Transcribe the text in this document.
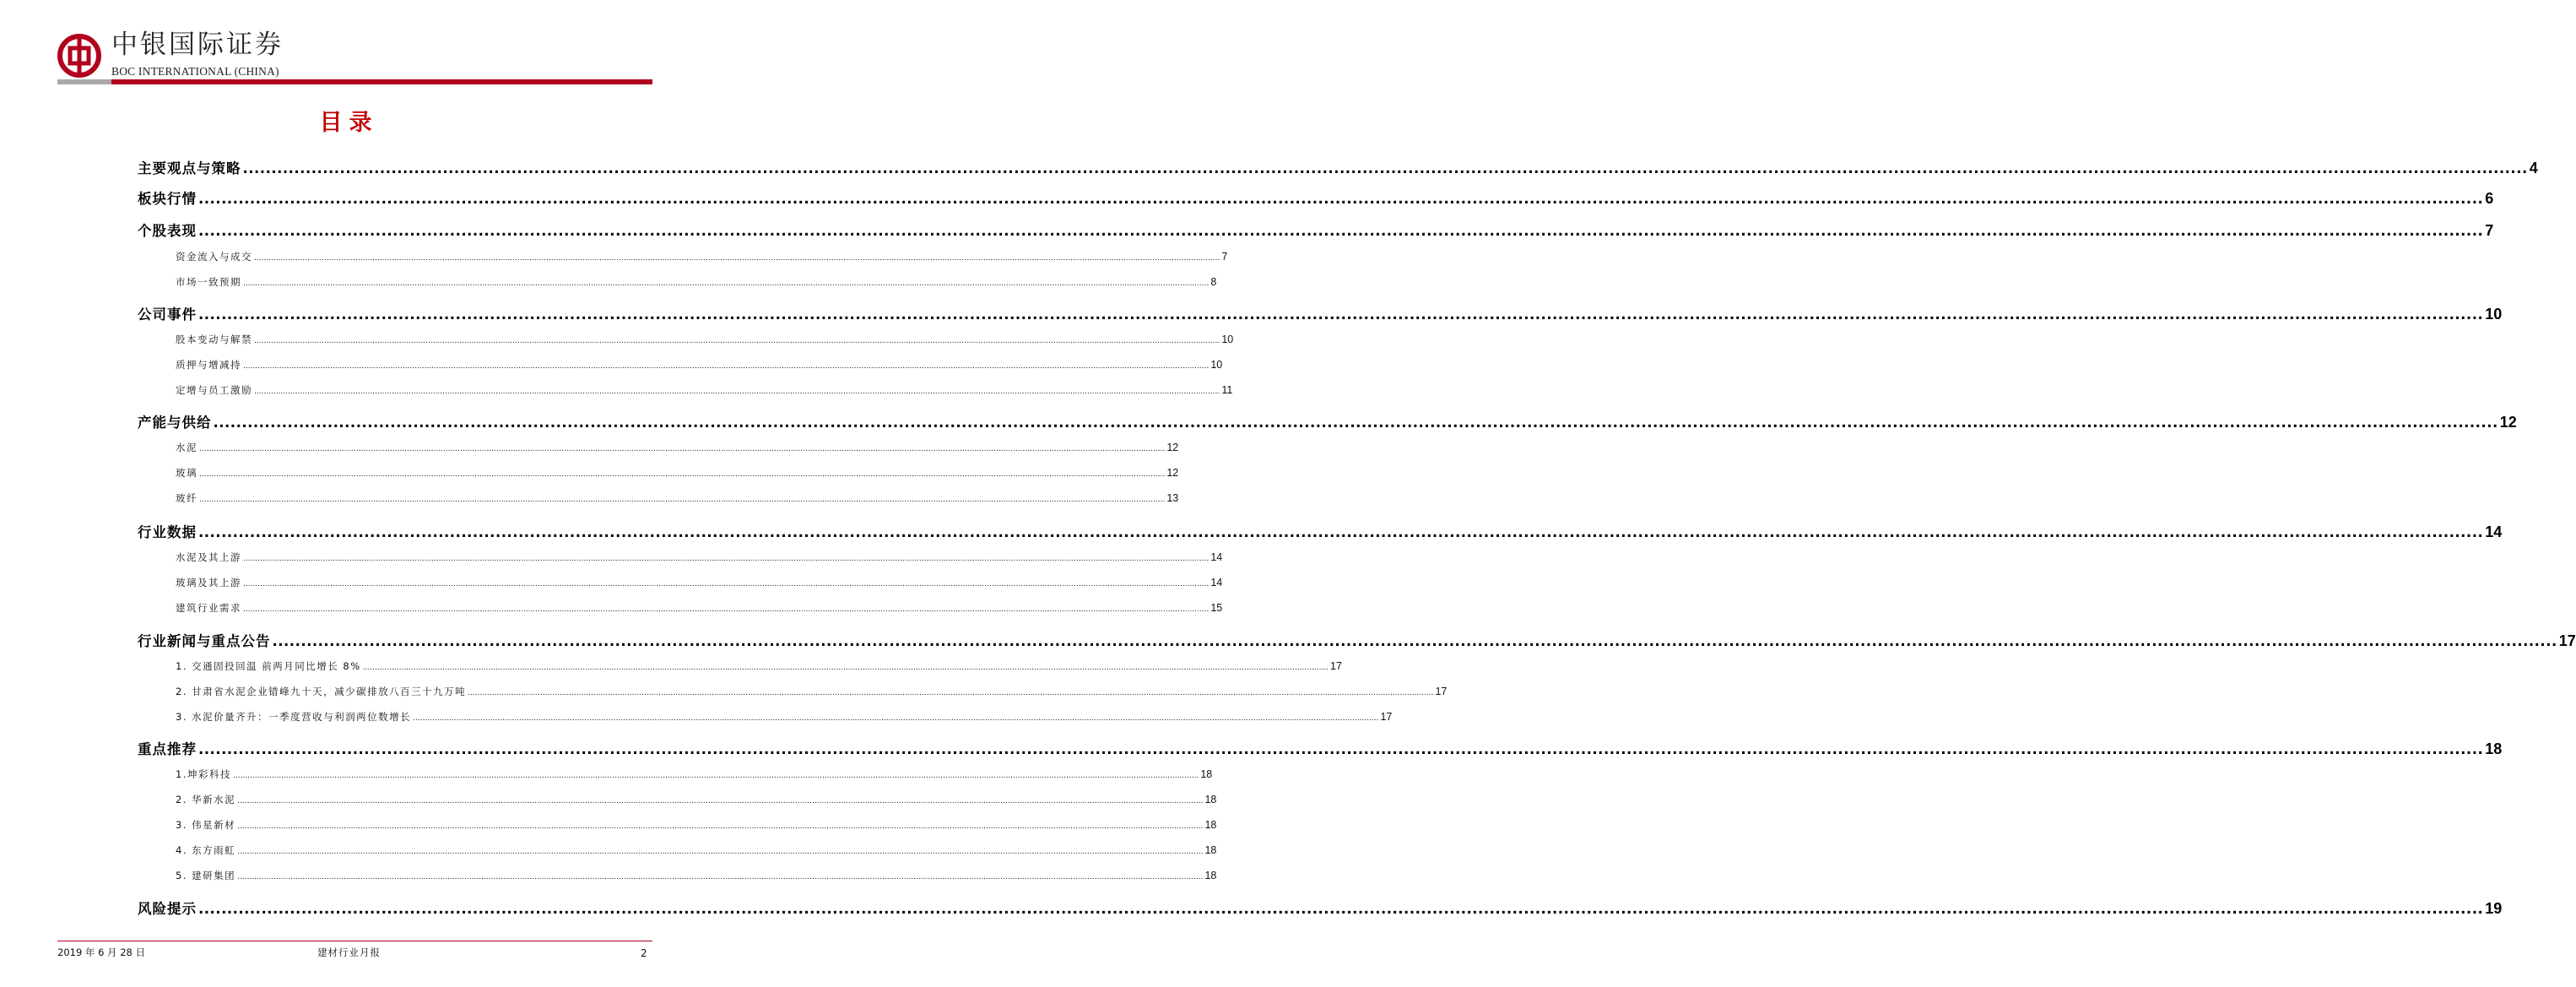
中银国际证券
BOC INTERNATIONAL (CHINA)
目录
主要观点与策略 ................................................................................................................................................................................................................................................................................................................................................................................................................ 4
板块行情 ................................................................................................................................................................................................................................................................................................................................................................................................................ 6
个股表现 ................................................................................................................................................................................................................................................................................................................................................................................................................ 7
资金流入与成交 ................................................................................................................................................................................................................................................................................................................................................................................................................ 7
市场一致预期 ................................................................................................................................................................................................................................................................................................................................................................................................................ 8
公司事件 ................................................................................................................................................................................................................................................................................................................................................................................................................ 10
股本变动与解禁 ................................................................................................................................................................................................................................................................................................................................................................................................................ 10
质押与增减持 ................................................................................................................................................................................................................................................................................................................................................................................................................ 10
定增与员工激励 ................................................................................................................................................................................................................................................................................................................................................................................................................ 11
产能与供给 ................................................................................................................................................................................................................................................................................................................................................................................................................ 12
水泥 ................................................................................................................................................................................................................................................................................................................................................................................................................ 12
玻璃 ................................................................................................................................................................................................................................................................................................................................................................................................................ 12
玻纤 ................................................................................................................................................................................................................................................................................................................................................................................................................ 13
行业数据 ................................................................................................................................................................................................................................................................................................................................................................................................................ 14
水泥及其上游 ................................................................................................................................................................................................................................................................................................................................................................................................................ 14
玻璃及其上游 ................................................................................................................................................................................................................................................................................................................................................................................................................ 14
建筑行业需求 ................................................................................................................................................................................................................................................................................................................................................................................................................ 15
行业新闻与重点公告 ................................................................................................................................................................................................................................................................................................................................................................................................................ 17
1. 交通固投回温 前两月同比增长 8% ................................................................................................................................................................................................................................................................................................................................................................................................................ 17
2. 甘肃省水泥企业错峰九十天，减少碳排放八百三十九万吨 ................................................................................................................................................................................................................................................................................................................................................................................................................ 17
3. 水泥价量齐升：一季度营收与利润两位数增长 ................................................................................................................................................................................................................................................................................................................................................................................................................ 17
重点推荐 ................................................................................................................................................................................................................................................................................................................................................................................................................ 18
1.坤彩科技 ................................................................................................................................................................................................................................................................................................................................................................................................................ 18
2. 华新水泥 ................................................................................................................................................................................................................................................................................................................................................................................................................ 18
3. 伟星新材 ................................................................................................................................................................................................................................................................................................................................................................................................................ 18
4. 东方雨虹 ................................................................................................................................................................................................................................................................................................................................................................................................................ 18
5. 建研集团 ................................................................................................................................................................................................................................................................................................................................................................................................................ 18
风险提示 ................................................................................................................................................................................................................................................................................................................................................................................................................ 19
2019 年 6 月 28 日	建材行业月报	2
